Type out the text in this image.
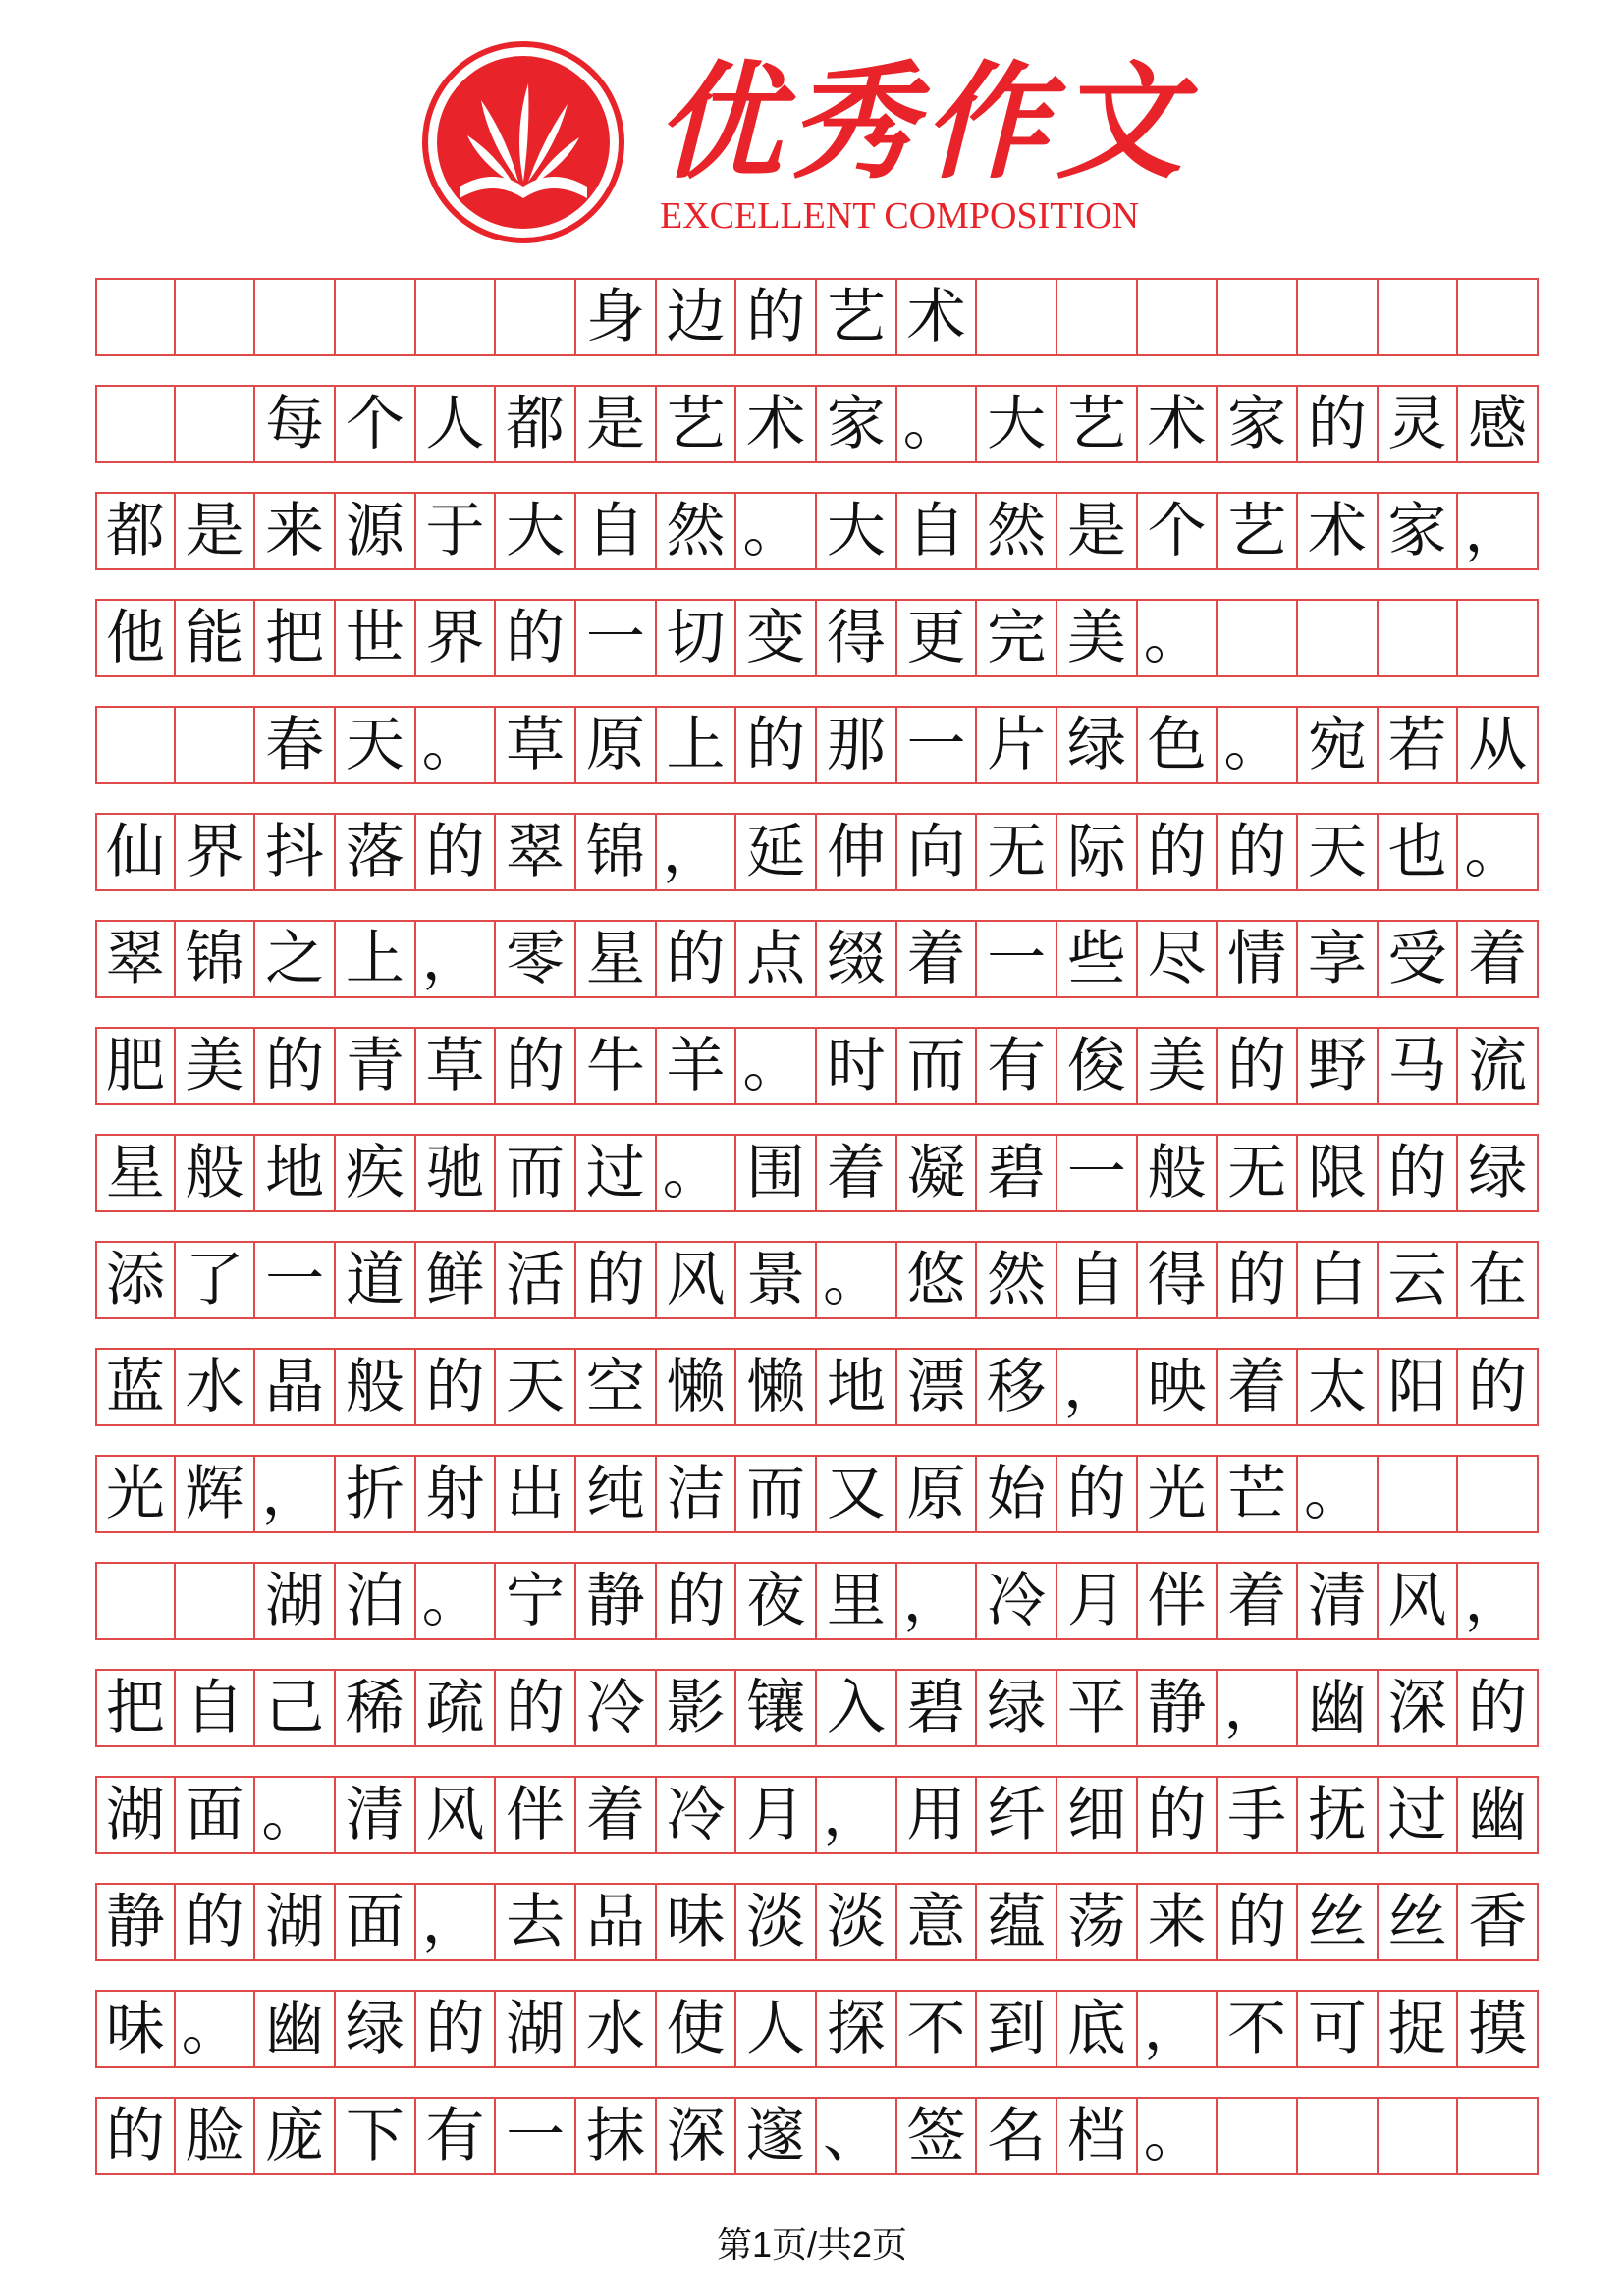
优秀作文
EXCELLENT COMPOSITION
身 边 的 艺 术
每 个 人 都 是 艺 术 家 。 大 艺 术 家 的 灵 感
都 是 来 源 于 大 自 然 。 大 自 然 是 个 艺 术 家 ，
他 能 把 世 界 的 一 切 变 得 更 完 美 。
春 天 。 草 原 上 的 那 一 片 绿 色 。 宛 若 从
仙 界 抖 落 的 翠 锦 ， 延 伸 向 无 际 的 的 天 也 。
翠 锦 之 上 ， 零 星 的 点 缀 着 一 些 尽 情 享 受 着
肥 美 的 青 草 的 牛 羊 。 时 而 有 俊 美 的 野 马 流
星 般 地 疾 驰 而 过 。 围 着 凝 碧 一 般 无 限 的 绿
添 了 一 道 鲜 活 的 风 景 。 悠 然 自 得 的 白 云 在
蓝 水 晶 般 的 天 空 懒 懒 地 漂 移 ， 映 着 太 阳 的
光 辉 ， 折 射 出 纯 洁 而 又 原 始 的 光 芒 。
湖 泊 。 宁 静 的 夜 里 ， 冷 月 伴 着 清 风 ，
把 自 己 稀 疏 的 冷 影 镶 入 碧 绿 平 静 ， 幽 深 的
湖 面 。 清 风 伴 着 冷 月 ， 用 纤 细 的 手 抚 过 幽
静 的 湖 面 ， 去 品 味 淡 淡 意 蕴 荡 来 的 丝 丝 香
味 。 幽 绿 的 湖 水 使 人 探 不 到 底 ， 不 可 捉 摸
的 脸 庞 下 有 一 抹 深 邃 、 签 名 档 。
第1页/共2页
